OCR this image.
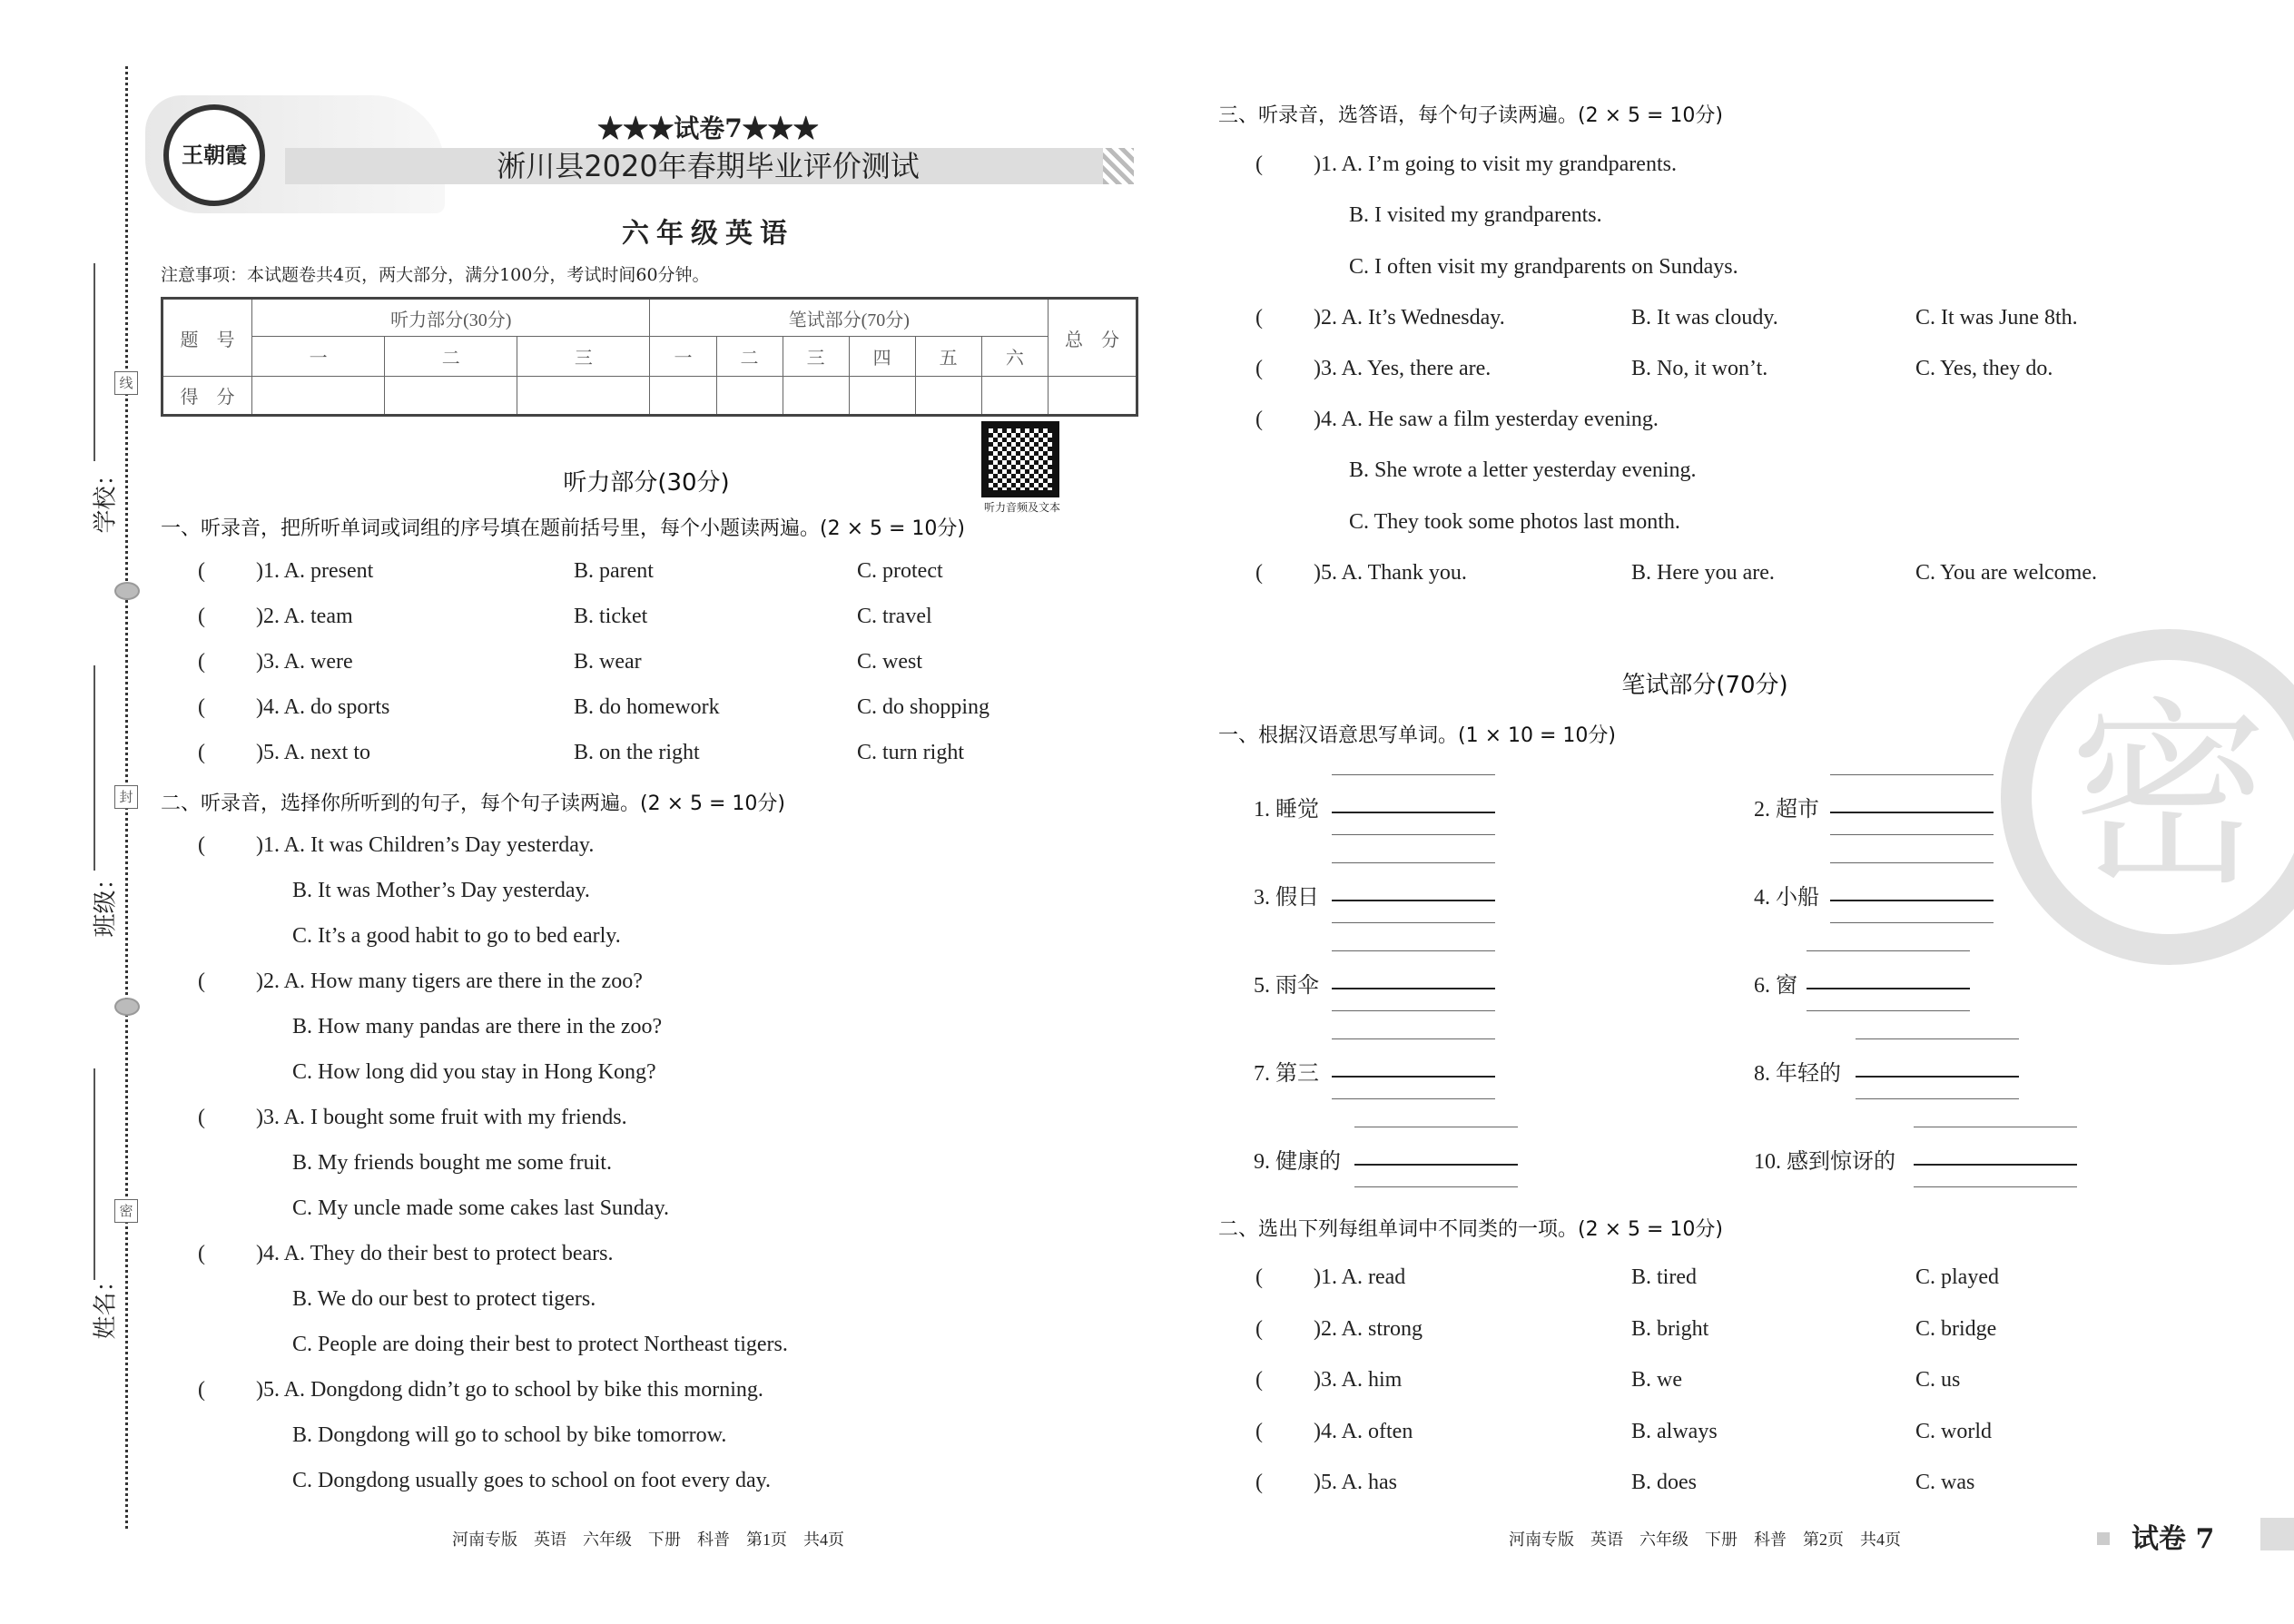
学校：
班级：
姓名：
线
封
密
王朝霞
★★★试卷7★★★
淅川县2020年春期毕业评价测试
六年级英语
注意事项：本试题卷共4页，两大部分，满分100分，考试时间60分钟。
题　号	听力部分(30分)			笔试部分(70分)						总　分
	一	二	三	一	二	三	四	五	六	
得　分										
听力音频及文本
听力部分(30分)
一、听录音，把所听单词或词组的序号填在题前括号里，每个小题读两遍。(2 × 5 = 10分)
二、听录音，选择你所听到的句子，每个句子读两遍。(2 × 5 = 10分)
三、听录音，选答语，每个句子读两遍。(2 × 5 = 10分)
笔试部分(70分)
一、根据汉语意思写单词。(1 × 10 = 10分)
二、选出下列每组单词中不同类的一项。(2 × 5 = 10分)
( )1. A. present	B. parent	C. protect
( )2. A. team	B. ticket	C. travel
( )3. A. were	B. wear	C. west
( )4. A. do sports	B. do homework	C. do shopping
( )5. A. next to	B. on the right	C. turn right
( )1. A. It was Children’s Day yesterday.
B. It was Mother’s Day yesterday.
C. It’s a good habit to go to bed early.
( )2. A. How many tigers are there in the zoo?
B. How many pandas are there in the zoo?
C. How long did you stay in Hong Kong?
( )3. A. I bought some fruit with my friends.
B. My friends bought me some fruit.
C. My uncle made some cakes last Sunday.
( )4. A. They do their best to protect bears.
B. We do our best to protect tigers.
C. People are doing their best to protect Northeast tigers.
( )5. A. Dongdong didn’t go to school by bike this morning.
B. Dongdong will go to school by bike tomorrow.
C. Dongdong usually goes to school on foot every day.
( )1. A. I’m going to visit my grandparents.
B. I visited my grandparents.
C. I often visit my grandparents on Sundays.
( )2. A. It’s Wednesday.	B. It was cloudy.	C. It was June 8th.
( )3. A. Yes, there are.	B. No, it won’t.	C. Yes, they do.
( )4. A. He saw a film yesterday evening.
B. She wrote a letter yesterday evening.
C. They took some photos last month.
( )5. A. Thank you.	B. Here you are.	C. You are welcome.
1. 睡觉	2. 超市
3. 假日	4. 小船
5. 雨伞	6. 窗
7. 第三	8. 年轻的
9. 健康的	10. 感到惊讶的
( )1. A. read	B. tired	C. played
( )2. A. strong	B. bright	C. bridge
( )3. A. him	B. we	C. us
( )4. A. often	B. always	C. world
( )5. A. has	B. does	C. was
密
河南专版　英语　六年级　下册　科普　第1页　共4页	河南专版　英语　六年级　下册　科普　第2页　共4页	试卷 7
